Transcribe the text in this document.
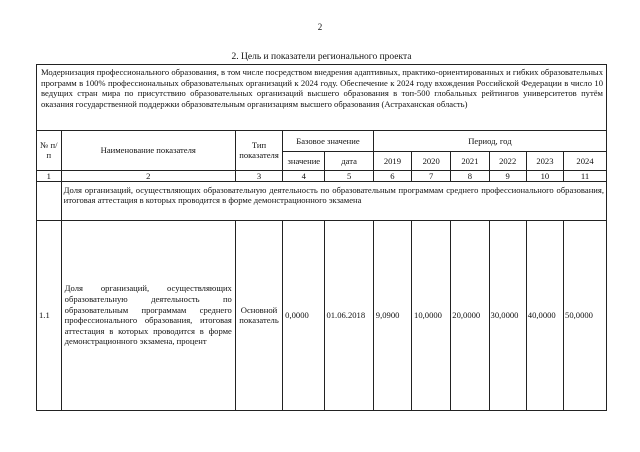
2
2. Цель и показатели регионального проекта
Модернизация профессионального образования, в том числе посредством внедрения адаптивных, практико-ориентированных и гибких образовательных программ в 100% профессиональных образовательных организаций к 2024 году. Обеспечение к 2024 году вхождения Российской Федерации в число 10 ведущих стран мира по присутствию образовательных организаций высшего образования в топ-500 глобальных рейтингов университетов путём оказания государственной поддержки образовательным организациям высшего образования (Астраханская область)
№ п/п	Наименование показателя	Тип показателя	Базовое значение		Период, год					
			значение	дата	2019	2020	2021	2022	2023	2024
1	2	3	4	5	6	7	8	9	10	11
	Доля организаций, осуществляющих образовательную деятельность по образовательным программам среднего профессионального образования, итоговая аттестация в которых проводится в форме демонстрационного экзамена									
1.1	Доля организаций, осуществляющих образовательную деятельность по образовательным программам среднего профессионального образования, итоговая аттестация в которых проводится в форме демонстрационного экзамена, процент	Основной показатель	0,0000	01.06.2018	9,0900	10,0000	20,0000	30,0000	40,0000	50,0000
